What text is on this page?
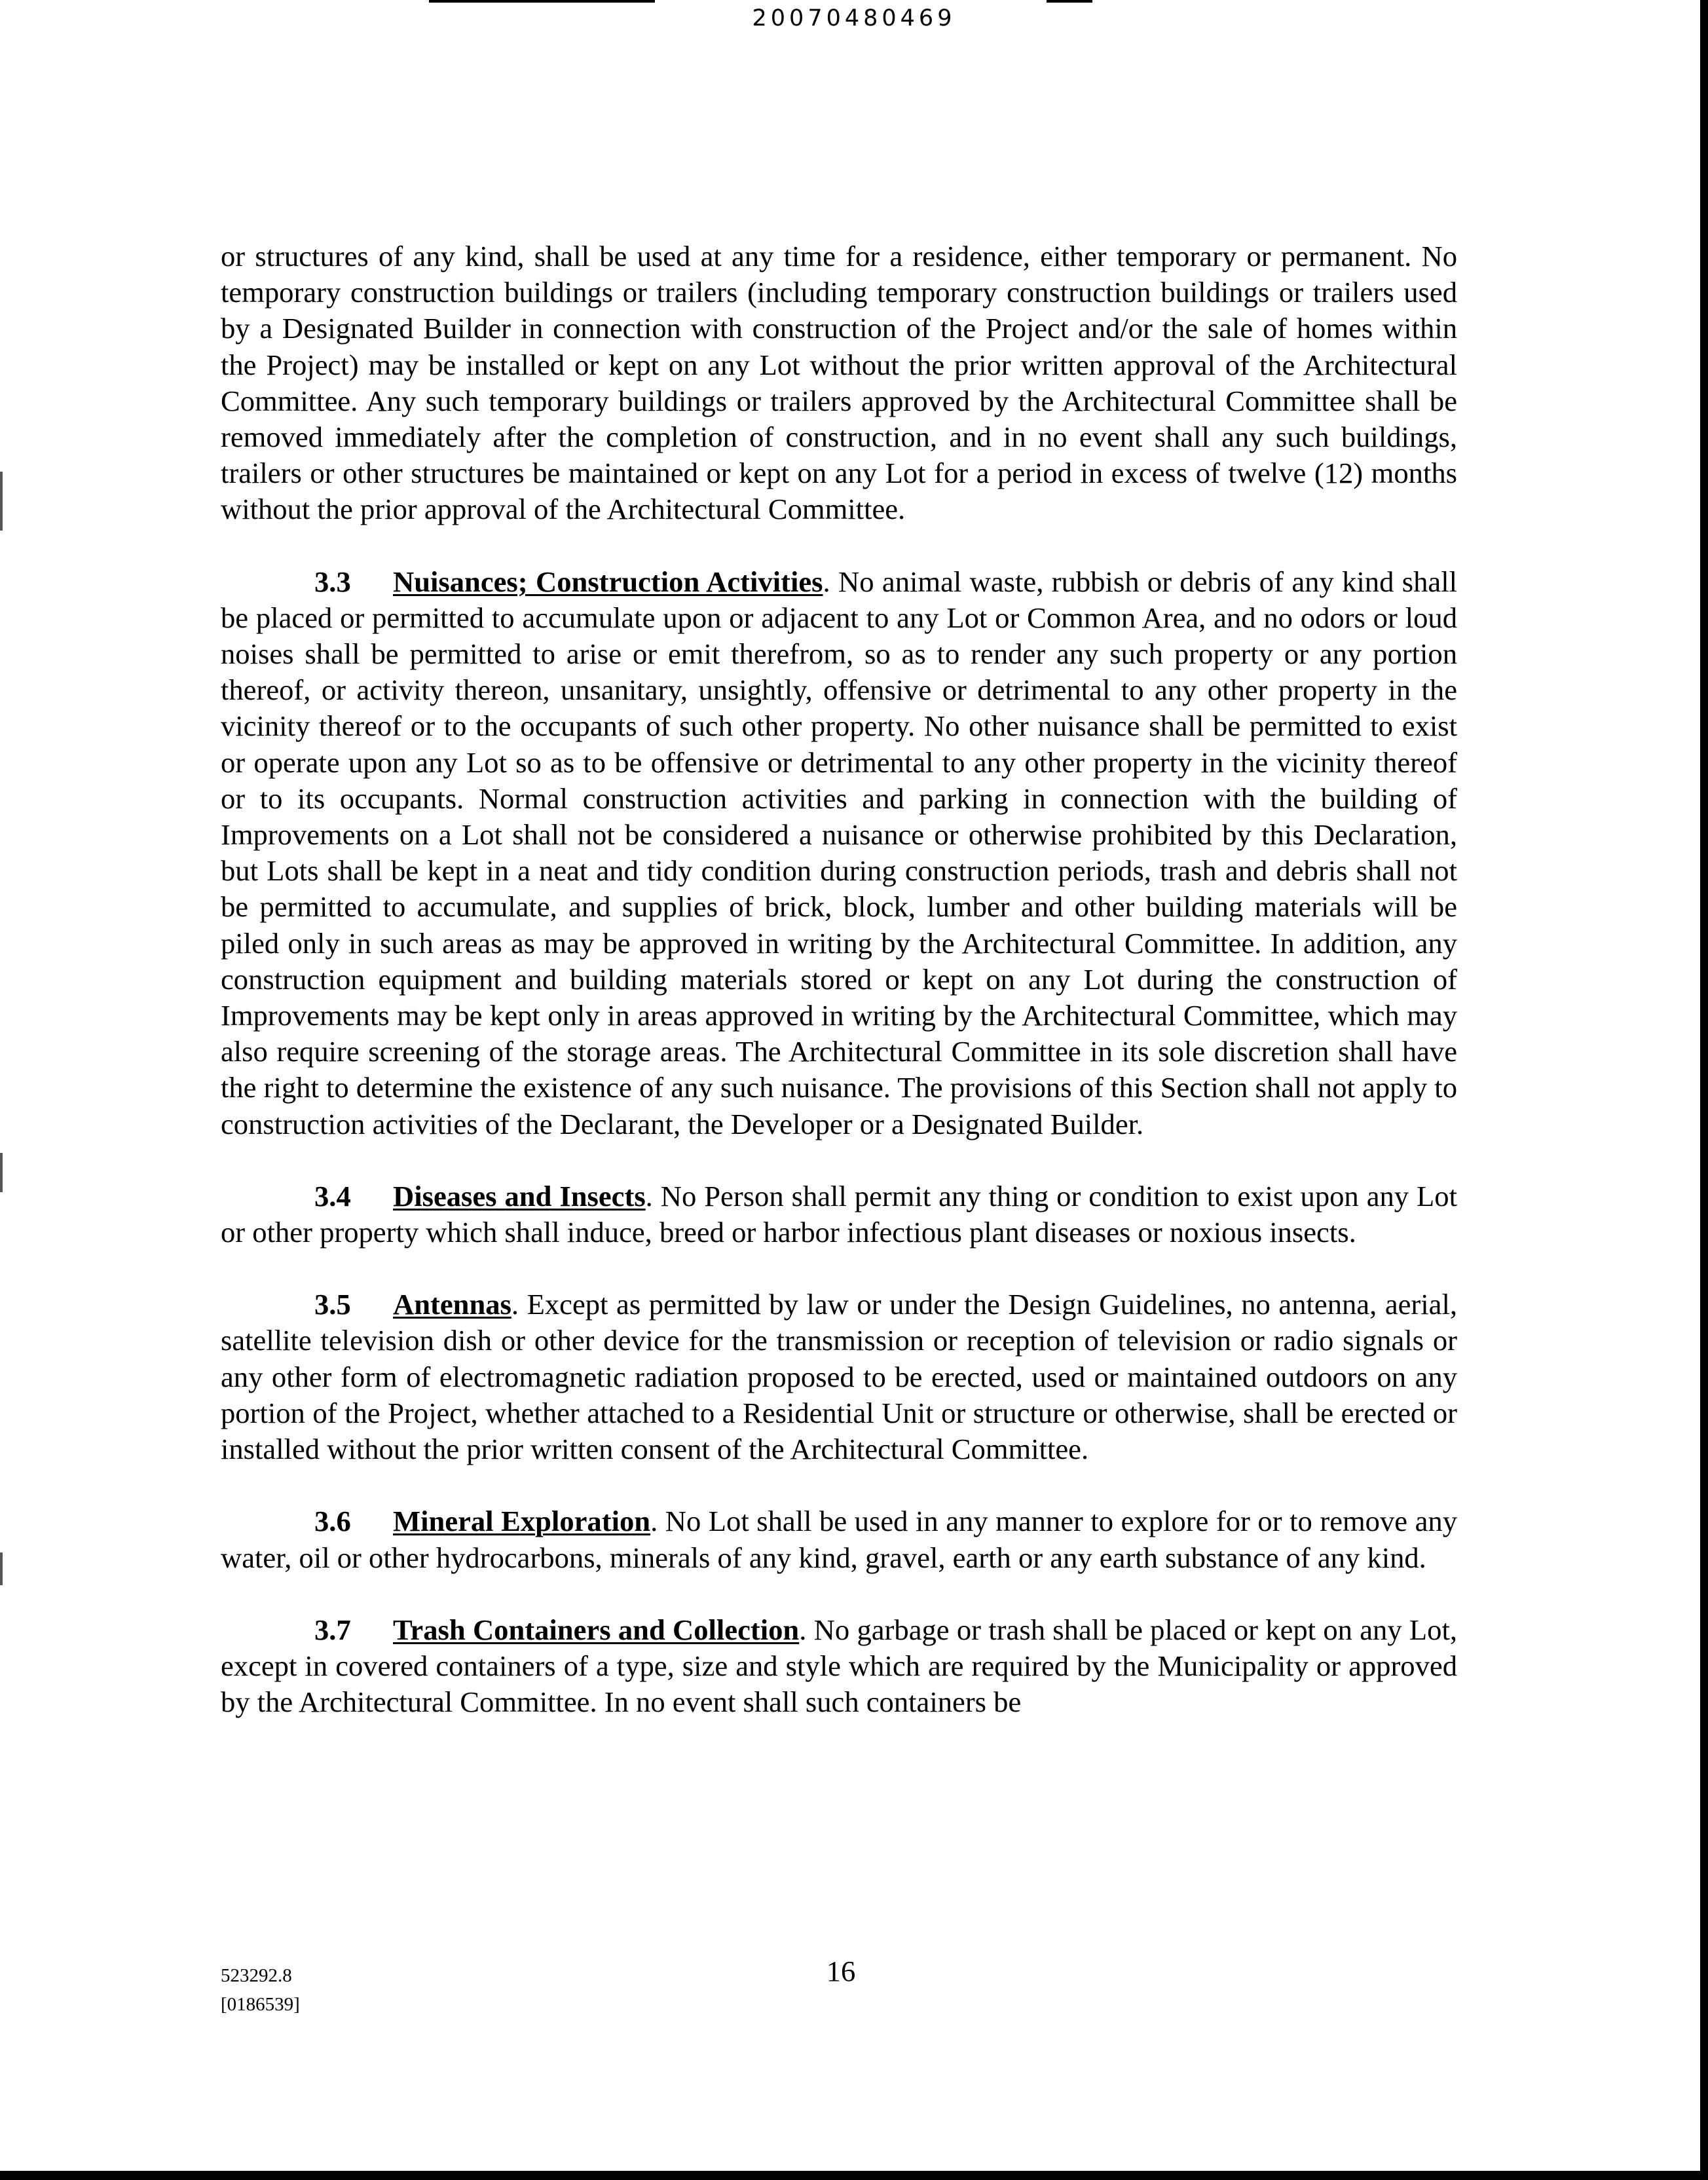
20070480469

or structures of any kind, shall be used at any time for a residence, either temporary or permanent. No temporary construction buildings or trailers (including temporary construction buildings or trailers used by a Designated Builder in connection with construction of the Project and/or the sale of homes within the Project) may be installed or kept on any Lot without the prior written approval of the Architectural Committee. Any such temporary buildings or trailers approved by the Architectural Committee shall be removed immediately after the completion of construction, and in no event shall any such buildings, trailers or other structures be maintained or kept on any Lot for a period in excess of twelve (12) months without the prior approval of the Architectural Committee.

3.3 Nuisances; Construction Activities. No animal waste, rubbish or debris of any kind shall be placed or permitted to accumulate upon or adjacent to any Lot or Common Area, and no odors or loud noises shall be permitted to arise or emit therefrom, so as to render any such property or any portion thereof, or activity thereon, unsanitary, unsightly, offensive or detrimental to any other property in the vicinity thereof or to the occupants of such other property. No other nuisance shall be permitted to exist or operate upon any Lot so as to be offensive or detrimental to any other property in the vicinity thereof or to its occupants. Normal construction activities and parking in connection with the building of Improvements on a Lot shall not be considered a nuisance or otherwise prohibited by this Declaration, but Lots shall be kept in a neat and tidy condition during construction periods, trash and debris shall not be permitted to accumulate, and supplies of brick, block, lumber and other building materials will be piled only in such areas as may be approved in writing by the Architectural Committee. In addition, any construction equipment and building materials stored or kept on any Lot during the construction of Improvements may be kept only in areas approved in writing by the Architectural Committee, which may also require screening of the storage areas. The Architectural Committee in its sole discretion shall have the right to determine the existence of any such nuisance. The provisions of this Section shall not apply to construction activities of the Declarant, the Developer or a Designated Builder.

3.4 Diseases and Insects. No Person shall permit any thing or condition to exist upon any Lot or other property which shall induce, breed or harbor infectious plant diseases or noxious insects.

3.5 Antennas. Except as permitted by law or under the Design Guidelines, no antenna, aerial, satellite television dish or other device for the transmission or reception of television or radio signals or any other form of electromagnetic radiation proposed to be erected, used or maintained outdoors on any portion of the Project, whether attached to a Residential Unit or structure or otherwise, shall be erected or installed without the prior written consent of the Architectural Committee.

3.6 Mineral Exploration. No Lot shall be used in any manner to explore for or to remove any water, oil or other hydrocarbons, minerals of any kind, gravel, earth or any earth substance of any kind.

3.7 Trash Containers and Collection. No garbage or trash shall be placed or kept on any Lot, except in covered containers of a type, size and style which are required by the Municipality or approved by the Architectural Committee. In no event shall such containers be

523292.8
[0186539]
16
